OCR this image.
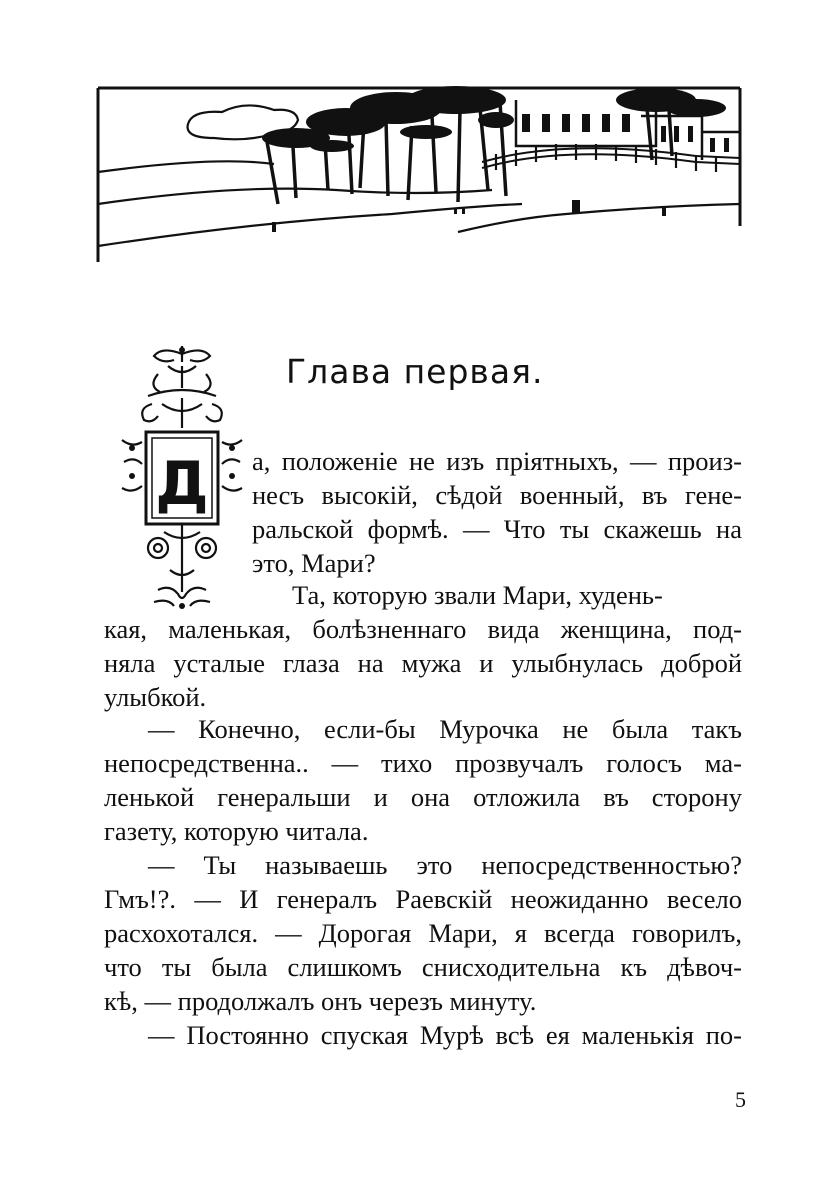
Д
Глава первая.
а, положеніе не изъ пріятныхъ, — произ-
несъ высокій, сѣдой военный, въ гене-
ральской формѣ. — Что ты скажешь на
это, Мари?
Та, которую звали Мари, худень-
кая, маленькая, болѣзненнаго вида женщина, под-
няла усталые глаза на мужа и улыбнулась доброй
улыбкой.
— Конечно, если-бы Мурочка не была такъ
непосредственна.. — тихо прозвучалъ голосъ ма-
ленькой генеральши и она отложила въ сторону
газету, которую читала.
— Ты называешь это непосредственностью?
Гмъ!?. — И генералъ Раевскій неожиданно весело
расхохотался. — Дорогая Мари, я всегда говорилъ,
что ты была слишкомъ снисходительна къ дѣвоч-
кѣ, — продолжалъ онъ черезъ минуту.
— Постоянно спуская Мурѣ всѣ ея маленькія по-
5
